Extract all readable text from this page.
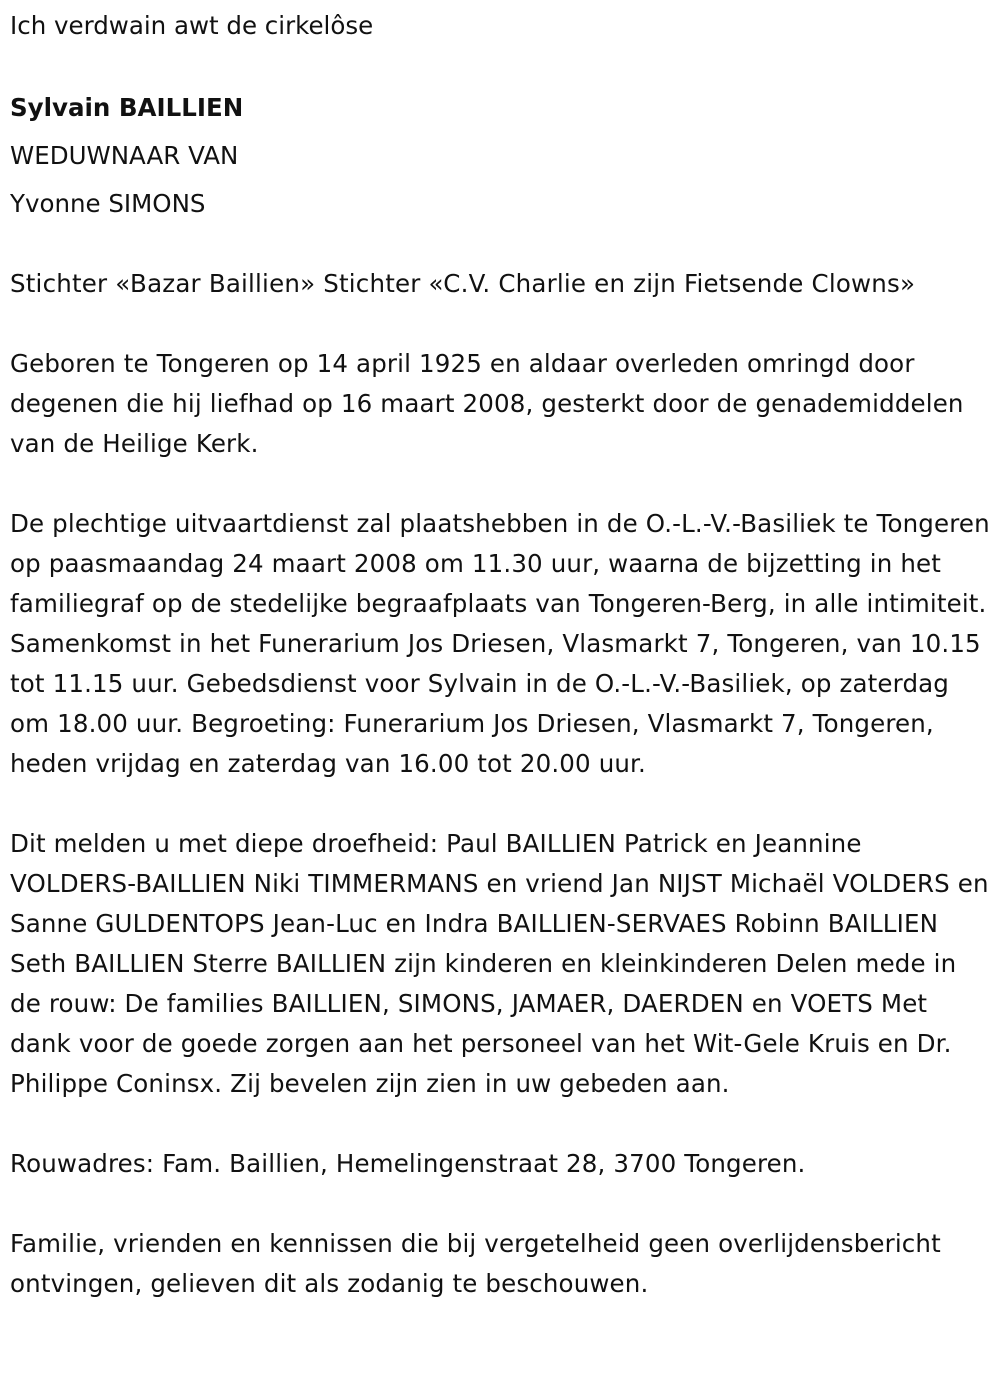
Ich verdwain awt de cirkelôse

Sylvain BAILLIEN

WEDUWNAAR VAN

Yvonne SIMONS

Stichter «Bazar Baillien» Stichter «C.V. Charlie en zijn Fietsende Clowns»

Geboren te Tongeren op 14 april 1925 en aldaar overleden omringd door degenen die hij liefhad op 16 maart 2008, gesterkt door de genademiddelen van de Heilige Kerk.

De plechtige uitvaartdienst zal plaatshebben in de O.-L.-V.-Basiliek te Tongeren op paasmaandag 24 maart 2008 om 11.30 uur, waarna de bijzetting in het familiegraf op de stedelijke begraafplaats van Tongeren-Berg, in alle intimiteit. Samenkomst in het Funerarium Jos Driesen, Vlasmarkt 7, Tongeren, van 10.15 tot 11.15 uur. Gebedsdienst voor Sylvain in de O.-L.-V.-Basiliek, op zaterdag om 18.00 uur. Begroeting: Funerarium Jos Driesen, Vlasmarkt 7, Tongeren, heden vrijdag en zaterdag van 16.00 tot 20.00 uur.

Dit melden u met diepe droefheid: Paul BAILLIEN Patrick en Jeannine VOLDERS-BAILLIEN Niki TIMMERMANS en vriend Jan NIJST Michaël VOLDERS en Sanne GULDENTOPS Jean-Luc en Indra BAILLIEN-SERVAES Robinn BAILLIEN Seth BAILLIEN Sterre BAILLIEN zijn kinderen en kleinkinderen Delen mede in de rouw: De families BAILLIEN, SIMONS, JAMAER, DAERDEN en VOETS Met dank voor de goede zorgen aan het personeel van het Wit-Gele Kruis en Dr. Philippe Coninsx. Zij bevelen zijn zien in uw gebeden aan.

Rouwadres: Fam. Baillien, Hemelingenstraat 28, 3700 Tongeren.

Familie, vrienden en kennissen die bij vergetelheid geen overlijdensbericht ontvingen, gelieven dit als zodanig te beschouwen.
